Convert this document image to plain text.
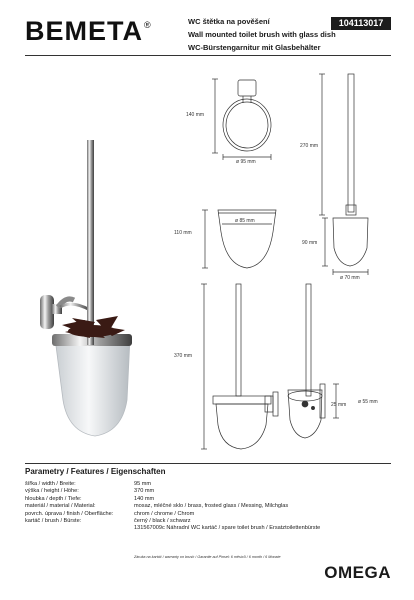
BEMETA®	WC štětka na pověšení
Wall mounted toilet brush with glass dish
WC-Bürstengarnitur mit Glasbehälter
104113017
140 mm
ø 95 mm
270 mm
110 mm
ø 85 mm
90 mm
ø 70 mm
370 mm
25 mm ø 55 mm
Parametry / Features / Eigenschaften
šířka / width / Breite:	95 mm
výška / height / Höhe:	370 mm
hloubka / depth / Tiefe:	140 mm
materiál / material / Material:	mosaz, mléčné sklo / brass, frosted glass / Messing, Milchglas
povrch. úprava / finish / Oberfläche:	chrom / chrome / Chrom
kartáč / brush / Bürste:	černý / black / schwarz
	131567009c Náhradní WC kartáč / spare toilet brush / Ersatztoilettenbürste
Záruka na kartáč / warranty on brush / Garantie auf Pinsel: 6 měsíců / 6 month / 6 Monate
OMEGA
